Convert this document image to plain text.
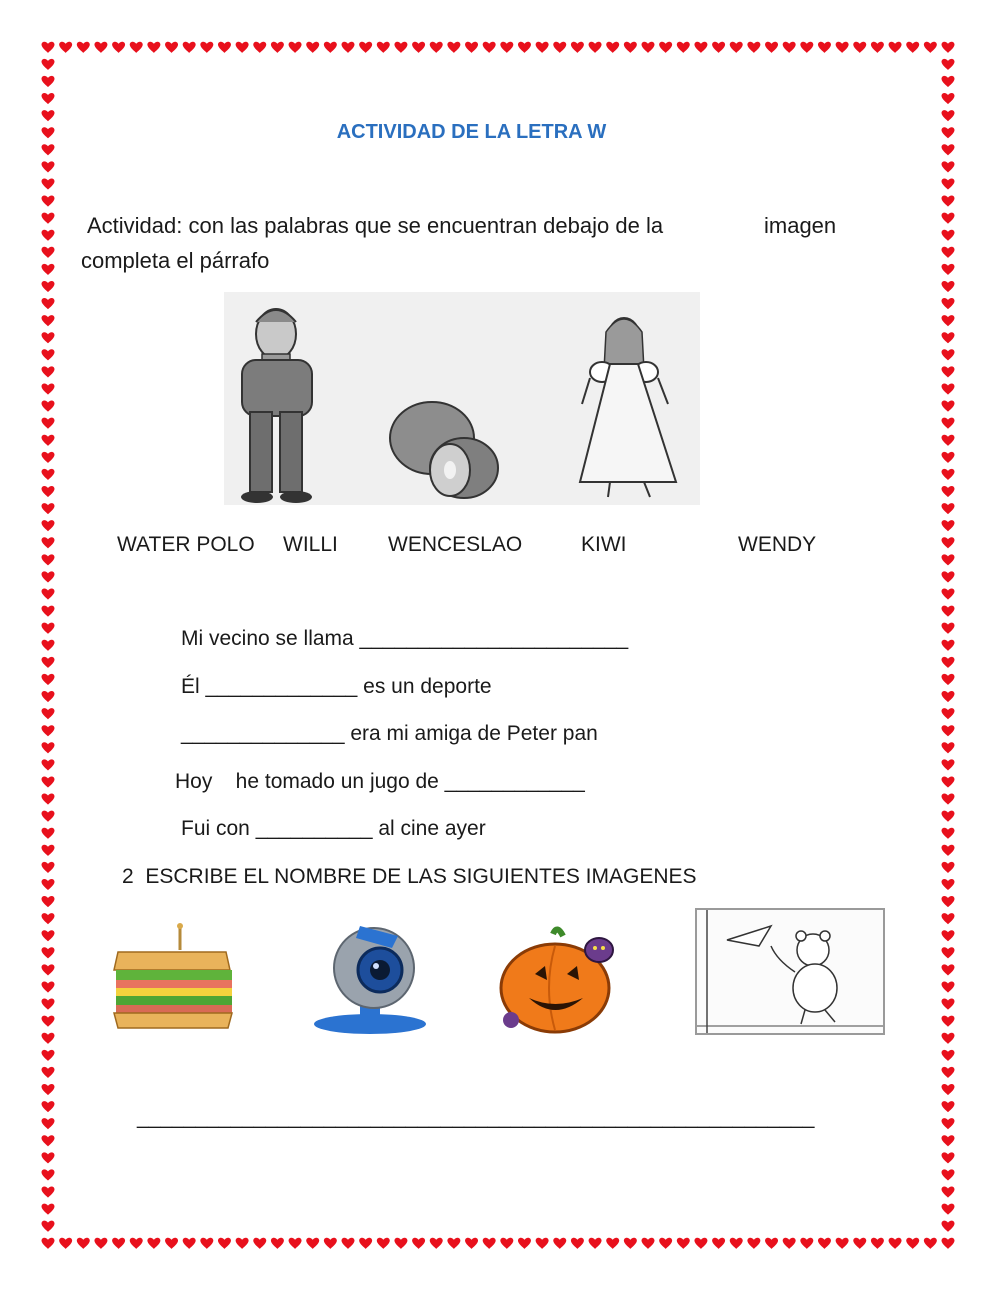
ACTIVIDAD DE LA LETRA W
Actividad: con las palabras que se encuentran debajo de la	imagen
completa el párrafo
WATER POLO WILLI WENCESLAO	KIWI	WENDY
Mi vecino se llama _______________________
Él _____________ es un deporte
______________ era mi amiga de Peter pan
Hoy    he tomado un jugo de ____________
Fui con __________ al cine ayer
2  ESCRIBE EL NOMBRE DE LAS SIGUIENTES IMAGENES
__________________________________________________________
